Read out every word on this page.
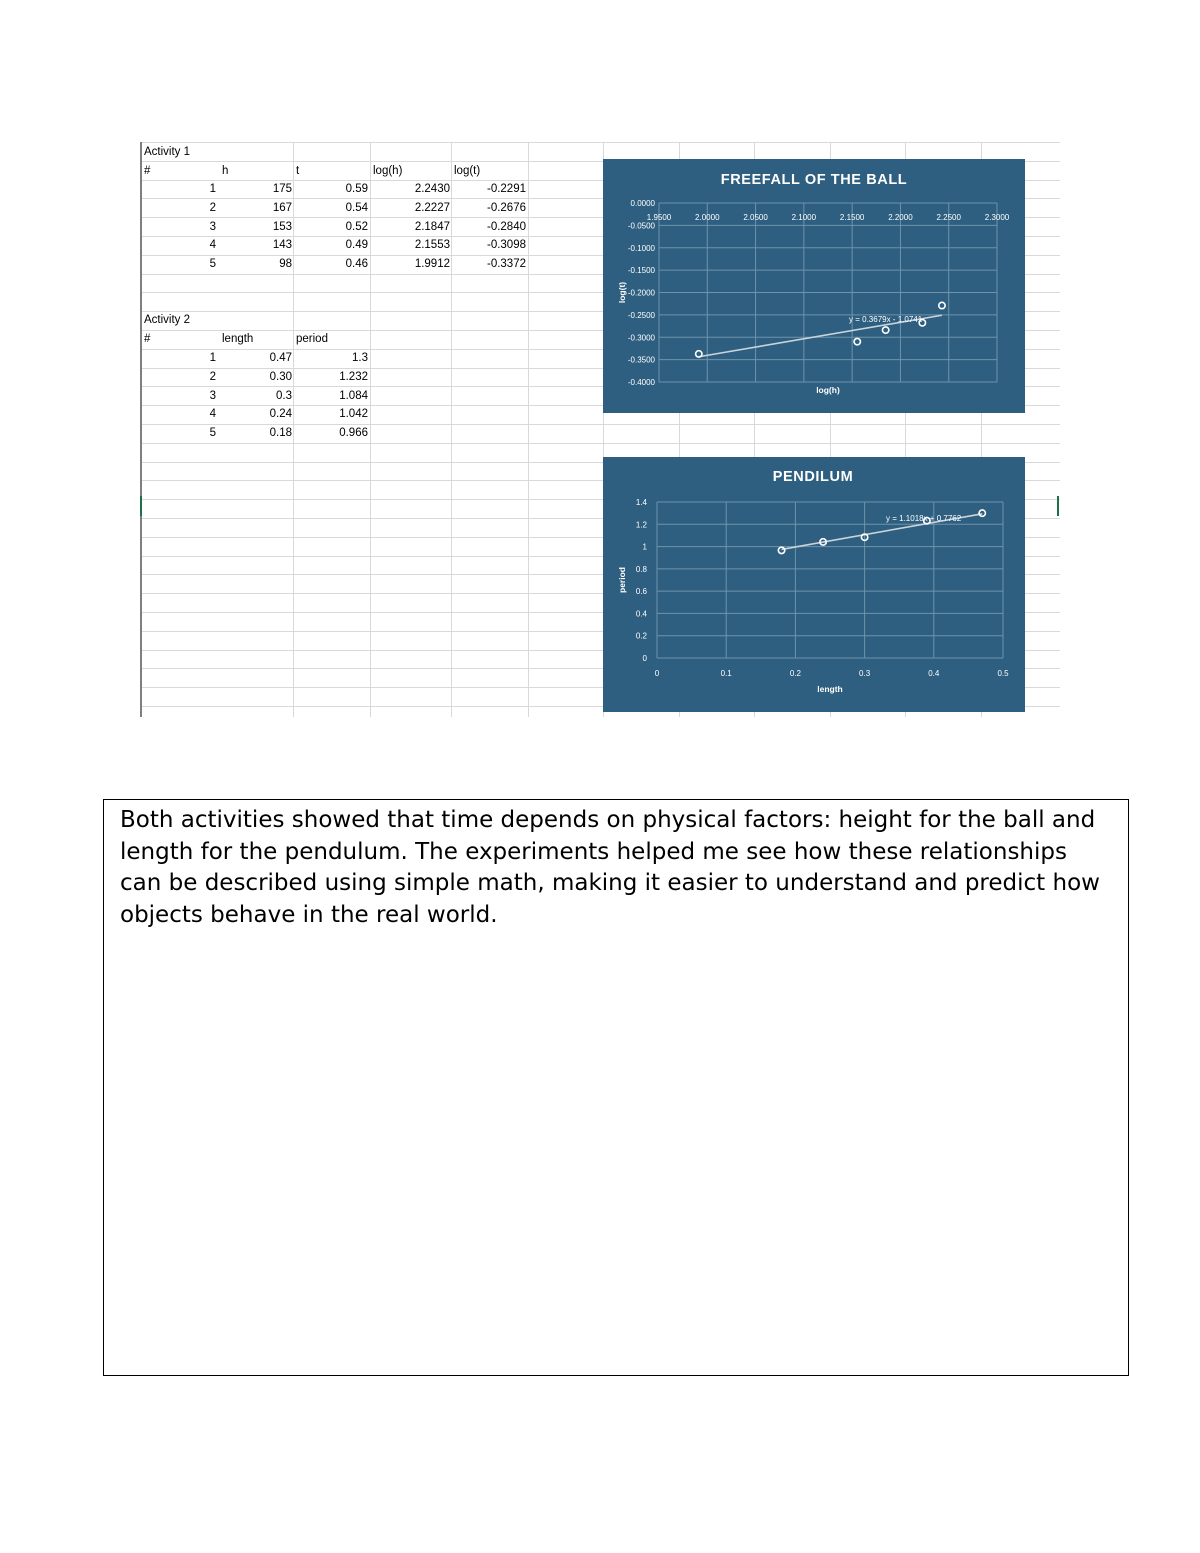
Activity 1
#	h	t	log(h)	log(t)
1	175	0.59	2.2430	-0.2291
2	167	0.54	2.2227	-0.2676
3	153	0.52	2.1847	-0.2840
4	143	0.49	2.1553	-0.3098
5	98	0.46	1.9912	-0.3372
Activity 2
#	length	period
1	0.47	1.3
2	0.30	1.232
3	0.3	1.084
4	0.24	1.042
5	0.18	0.966
FREEFALL OF THE BALL
0.0000
-0.0500
-0.1000
-0.1500
-0.2000
-0.2500
-0.3000
-0.3500
-0.4000
1.9500	2.0000	2.0500	2.1000	2.1500	2.2000	2.2500	2.3000
log(h)
log(t)
y = 0.3679x - 1.0741
PENDILUM
1.4
1.2
1
0.8
0.6
0.4
0.2
0
0	0.1	0.2	0.3	0.4	0.5
length
period
y = 1.1018x + 0.7762
Both activities showed that time depends on physical factors: height for the ball and length for the pendulum. The experiments helped me see how these relationships can be described using simple math, making it easier to understand and predict how objects behave in the real world.
